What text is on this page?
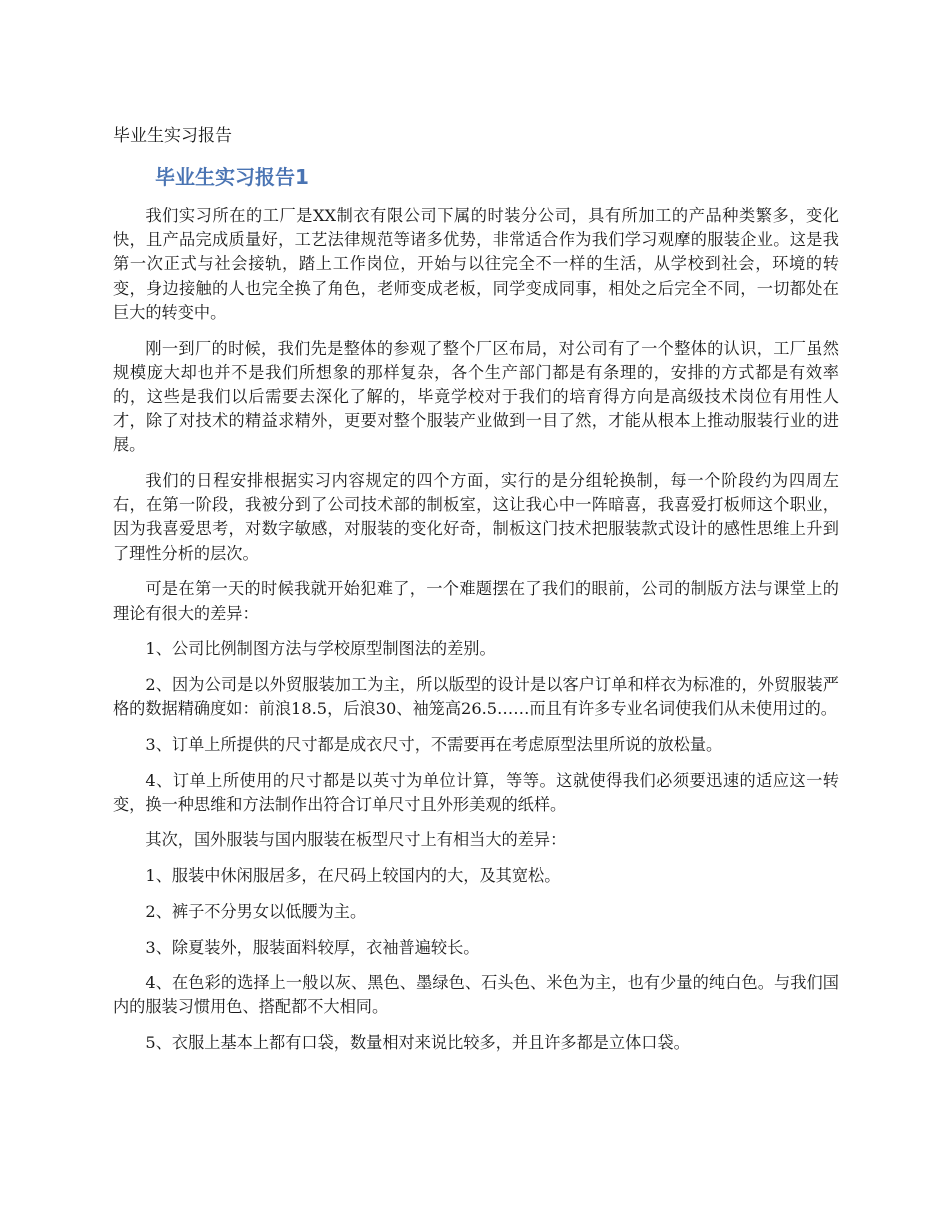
毕业生实习报告
毕业生实习报告1

我们实习所在的工厂是XX制衣有限公司下属的时装分公司，具有所加工的产品种类繁多，变化快，且产品完成质量好，工艺法律规范等诸多优势，非常适合作为我们学习观摩的服装企业。这是我第一次正式与社会接轨，踏上工作岗位，开始与以往完全不一样的生活，从学校到社会，环境的转变，身边接触的人也完全换了角色，老师变成老板，同学变成同事，相处之后完全不同，一切都处在巨大的转变中。

刚一到厂的时候，我们先是整体的参观了整个厂区布局，对公司有了一个整体的认识，工厂虽然规模庞大却也并不是我们所想象的那样复杂，各个生产部门都是有条理的，安排的方式都是有效率的，这些是我们以后需要去深化了解的，毕竟学校对于我们的培育得方向是高级技术岗位有用性人才，除了对技术的精益求精外，更要对整个服装产业做到一目了然，才能从根本上推动服装行业的进展。

我们的日程安排根据实习内容规定的四个方面，实行的是分组轮换制，每一个阶段约为四周左右，在第一阶段，我被分到了公司技术部的制板室，这让我心中一阵暗喜，我喜爱打板师这个职业，因为我喜爱思考，对数字敏感，对服装的变化好奇，制板这门技术把服装款式设计的感性思维上升到了理性分析的层次。

可是在第一天的时候我就开始犯难了，一个难题摆在了我们的眼前，公司的制版方法与课堂上的理论有很大的差异：

1、公司比例制图方法与学校原型制图法的差别。

2、因为公司是以外贸服装加工为主，所以版型的设计是以客户订单和样衣为标准的，外贸服装严格的数据精确度如：前浪18.5，后浪30、袖笼高26.5……而且有许多专业名词使我们从未使用过的。

3、订单上所提供的尺寸都是成衣尺寸，不需要再在考虑原型法里所说的放松量。

4、订单上所使用的尺寸都是以英寸为单位计算，等等。这就使得我们必须要迅速的适应这一转变，换一种思维和方法制作出符合订单尺寸且外形美观的纸样。

其次，国外服装与国内服装在板型尺寸上有相当大的差异：

1、服装中休闲服居多，在尺码上较国内的大，及其宽松。

2、裤子不分男女以低腰为主。

3、除夏装外，服装面料较厚，衣袖普遍较长。

4、在色彩的选择上一般以灰、黑色、墨绿色、石头色、米色为主，也有少量的纯白色。与我们国内的服装习惯用色、搭配都不大相同。

5、衣服上基本上都有口袋，数量相对来说比较多，并且许多都是立体口袋。
